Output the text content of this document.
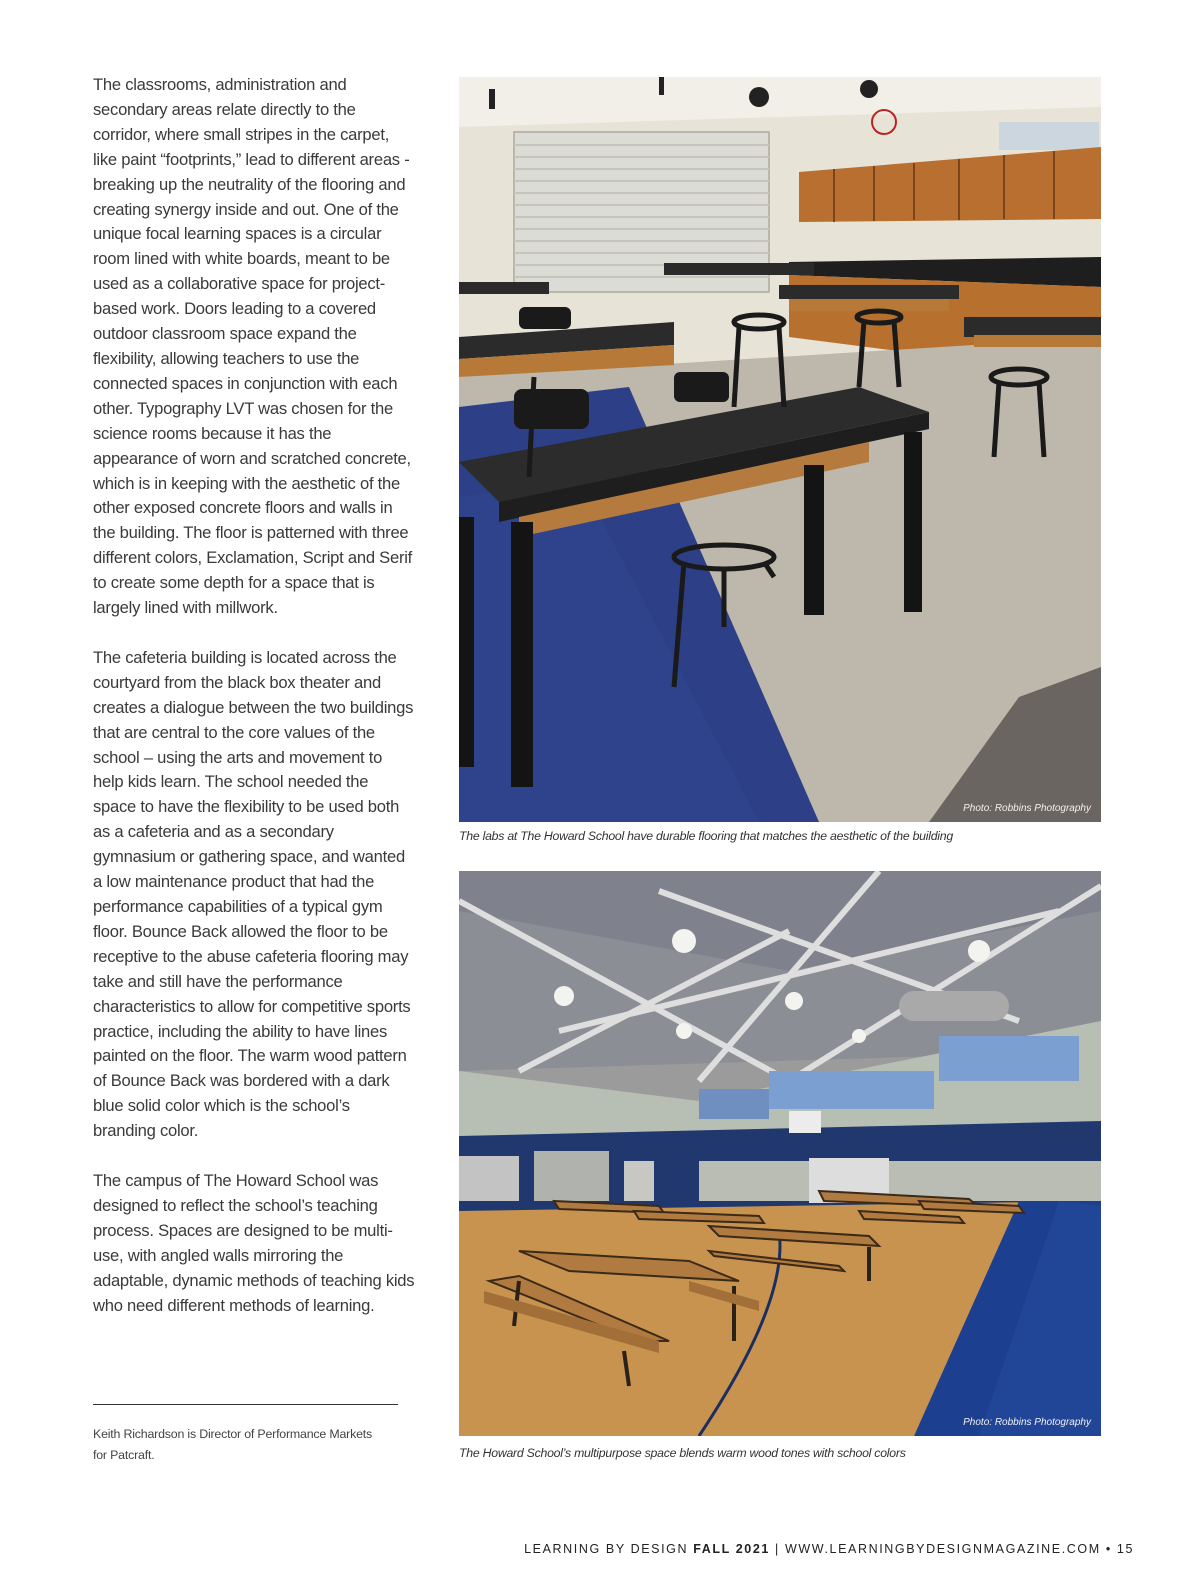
The classrooms, administration and secondary areas relate directly to the corridor, where small stripes in the carpet, like paint “footprints,” lead to different areas - breaking up the neutrality of the flooring and creating synergy inside and out. One of the unique focal learning spaces is a circular room lined with white boards, meant to be used as a collaborative space for project-based work. Doors leading to a covered outdoor classroom space expand the flexibility, allowing teachers to use the connected spaces in conjunction with each other. Typography LVT was chosen for the science rooms because it has the appearance of worn and scratched concrete, which is in keeping with the aesthetic of the other exposed concrete floors and walls in the building. The floor is patterned with three different colors, Exclamation, Script and Serif to create some depth for a space that is largely lined with millwork.

The cafeteria building is located across the courtyard from the black box theater and creates a dialogue between the two buildings that are central to the core values of the school – using the arts and movement to help kids learn. The school needed the space to have the flexibility to be used both as a cafeteria and as a secondary gymnasium or gathering space, and wanted a low maintenance product that had the performance capabilities of a typical gym floor. Bounce Back allowed the floor to be receptive to the abuse cafeteria flooring may take and still have the performance characteristics to allow for competitive sports practice, including the ability to have lines painted on the floor. The warm wood pattern of Bounce Back was bordered with a dark blue solid color which is the school’s branding color.

The campus of The Howard School was designed to reflect the school’s teaching process. Spaces are designed to be multi-use, with angled walls mirroring the adaptable, dynamic methods of teaching kids who need different methods of learning.

Keith Richardson is Director of Performance Markets
for Patcraft.
Photo: Robbins Photography
The labs at The Howard School have durable flooring that matches the aesthetic of the building
Photo: Robbins Photography
The Howard School’s multipurpose space blends warm wood tones with school colors
LEARNING BY DESIGN FALL 2021 | WWW.LEARNINGBYDESIGNMAGAZINE.COM • 15
